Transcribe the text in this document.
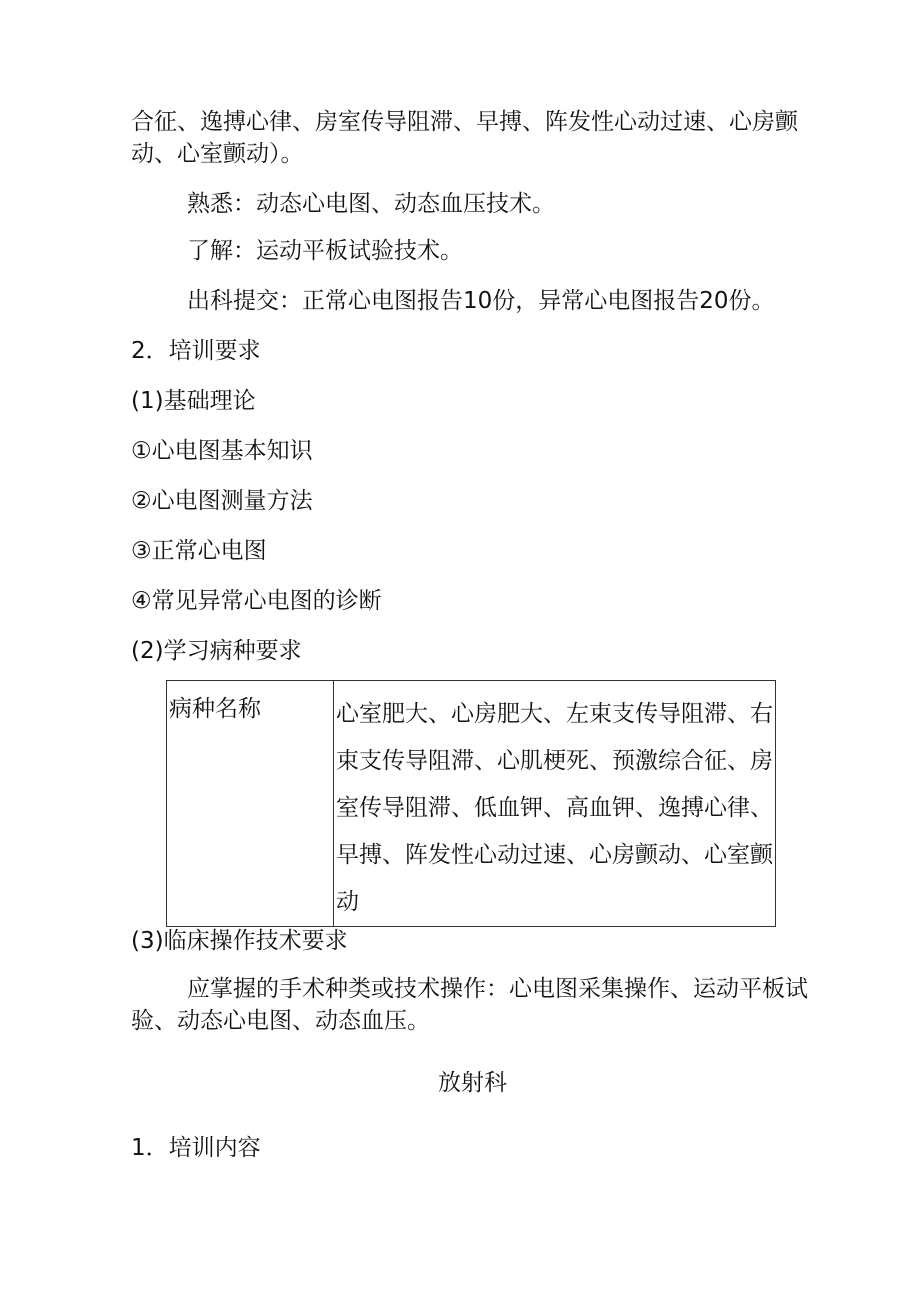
合征、逸搏心律、房室传导阻滞、早搏、阵发性心动过速、心房颤
动、心室颤动）。
熟悉：动态心电图、动态血压技术。
了解：运动平板试验技术。
出科提交：正常心电图报告10份，异常心电图报告20份。
2．培训要求
(1)基础理论
①心电图基本知识
②心电图测量方法
③正常心电图
④常见异常心电图的诊断
(2)学习病种要求
病种名称	心室肥大、心房肥大、左束支传导阻滞、右束支传导阻滞、心肌梗死、预激综合征、房室传导阻滞、低血钾、高血钾、逸搏心律、早搏、阵发性心动过速、心房颤动、心室颤动
(3)临床操作技术要求
应掌握的手术种类或技术操作：心电图采集操作、运动平板试
验、动态心电图、动态血压。
放射科
1．培训内容
